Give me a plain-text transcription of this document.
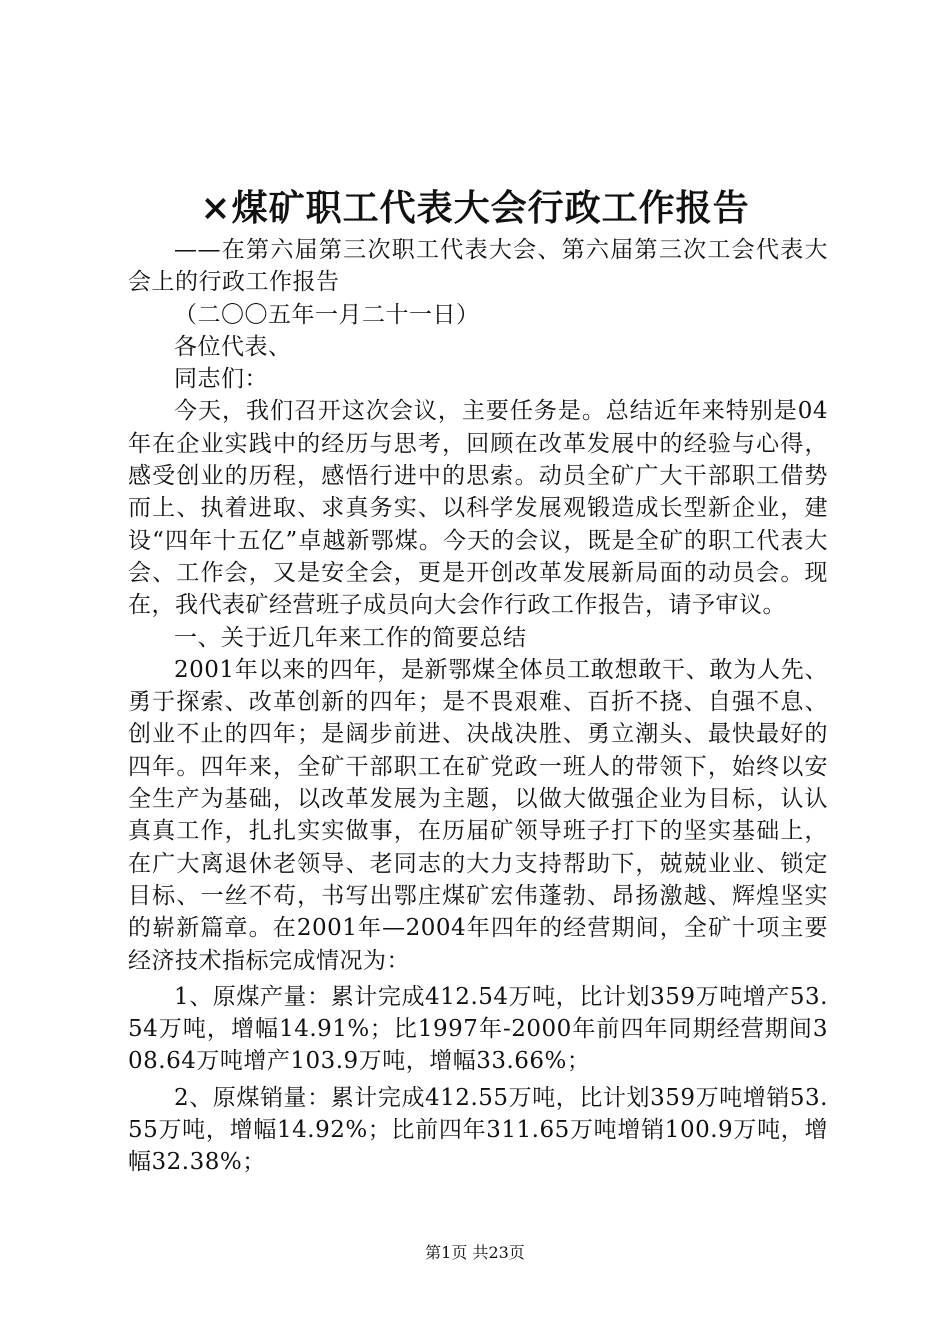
×煤矿职工代表大会行政工作报告

——在第六届第三次职工代表大会、第六届第三次工会代表大会上的行政工作报告

（二〇〇五年一月二十一日）

各位代表、

同志们：

今天，我们召开这次会议，主要任务是。总结近年来特别是04年在企业实践中的经历与思考，回顾在改革发展中的经验与心得，感受创业的历程，感悟行进中的思索。动员全矿广大干部职工借势而上、执着进取、求真务实、以科学发展观锻造成长型新企业，建设“四年十五亿”卓越新鄂煤。今天的会议，既是全矿的职工代表大会、工作会，又是安全会，更是开创改革发展新局面的动员会。现在，我代表矿经营班子成员向大会作行政工作报告，请予审议。

一、关于近几年来工作的简要总结

2001年以来的四年，是新鄂煤全体员工敢想敢干、敢为人先、勇于探索、改革创新的四年；是不畏艰难、百折不挠、自强不息、创业不止的四年；是阔步前进、决战决胜、勇立潮头、最快最好的四年。四年来，全矿干部职工在矿党政一班人的带领下，始终以安全生产为基础，以改革发展为主题，以做大做强企业为目标，认认真真工作，扎扎实实做事，在历届矿领导班子打下的坚实基础上，在广大离退休老领导、老同志的大力支持帮助下，兢兢业业、锁定目标、一丝不苟，书写出鄂庄煤矿宏伟蓬勃、昂扬激越、辉煌坚实的崭新篇章。在2001年—2004年四年的经营期间，全矿十项主要经济技术指标完成情况为：

1、原煤产量：累计完成412.54万吨，比计划359万吨增产53.54万吨，增幅14.91%；比1997年-2000年前四年同期经营期间308.64万吨增产103.9万吨，增幅33.66%；

2、原煤销量：累计完成412.55万吨，比计划359万吨增销53.55万吨，增幅14.92%；比前四年311.65万吨增销100.9万吨，增幅32.38%；

第1页 共23页
